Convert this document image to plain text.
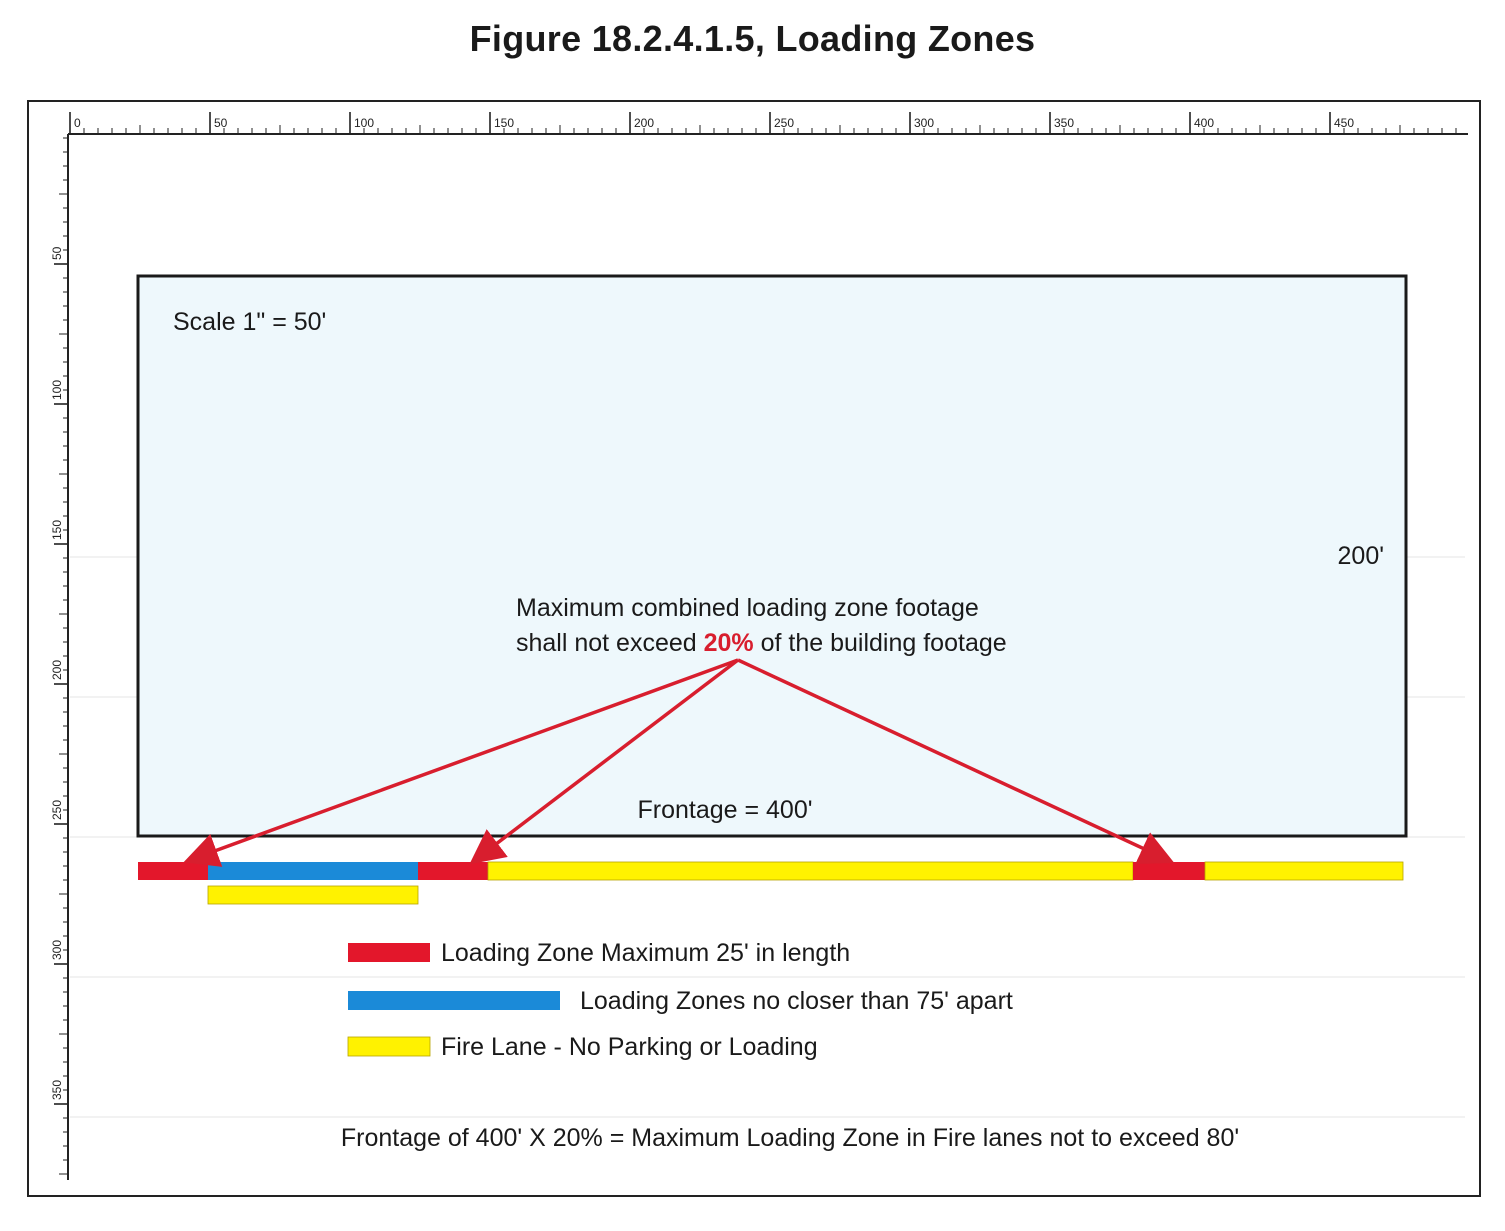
Figure 18.2.4.1.5, Loading Zones
0	50	100	150	200	250	300	350	400	450
50
100
150
200
250
300
350
Scale 1" = 50'
200'
Frontage = 400'
Maximum combined loading zone footage
shall not exceed 20% of the building footage
Loading Zone Maximum 25' in length
Loading Zones no closer than 75' apart
Fire Lane - No Parking or Loading
Frontage of 400' X 20% = Maximum Loading Zone in Fire lanes not to exceed 80'
